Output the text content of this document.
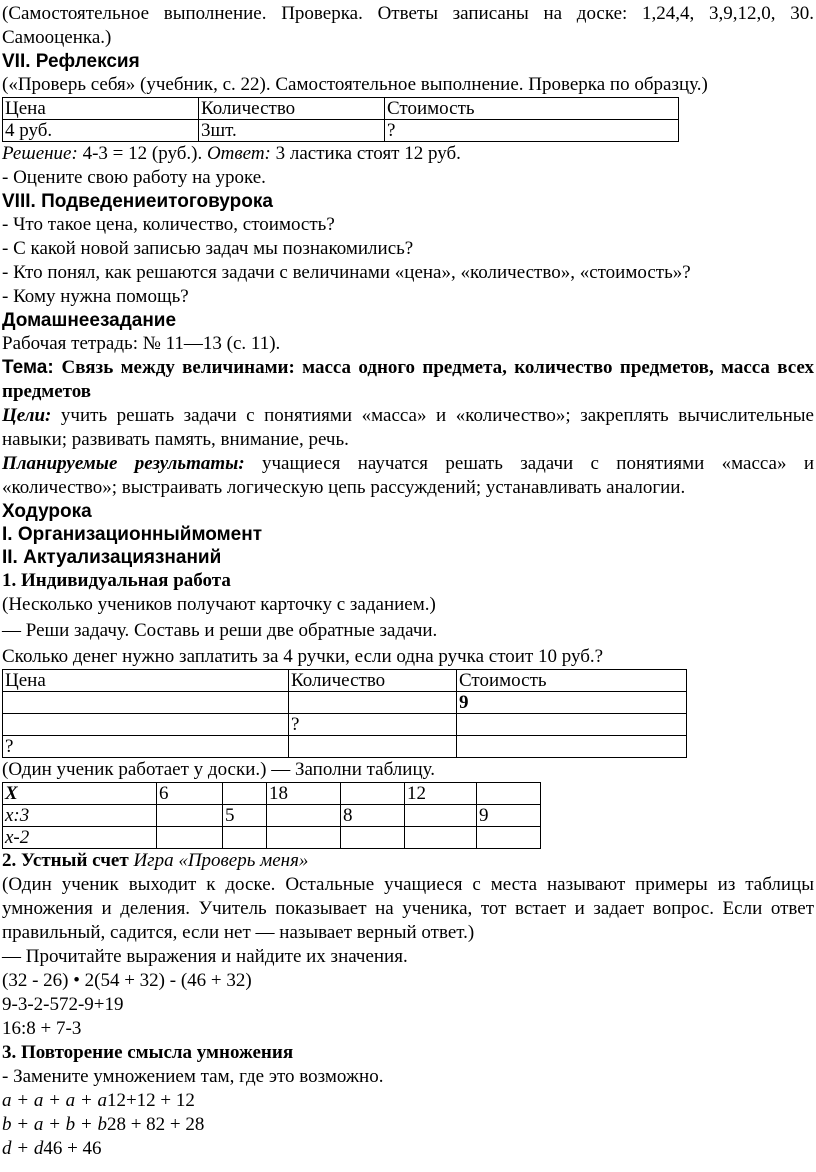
(Самостоятельное выполнение. Проверка. Ответы записаны на доске: 1,24,4, 3,9,12,0, 30. Самооценка.)

VII. Рефлексия

(«Проверь себя» (учебник, с. 22). Самостоятельное выполнение. Проверка по образцу.)

Цена	Количество	Стоимость
4 руб.	3шт.	?

Решение: 4-3 = 12 (руб.). Ответ: 3 ластика стоят 12 руб.

- Оцените свою работу на уроке.

VIII. Подведениеитоговурока

- Что такое цена, количество, стоимость?

- С какой новой записью задач мы познакомились?

- Кто понял, как решаются задачи с величинами «цена», «количество», «стоимость»?

- Кому нужна помощь?

Домашнеезадание

Рабочая тетрадь: № 11—13 (с. 11).

Тема: Связь между величинами: масса одного предмета, количество предметов, масса всех предметов

Цели: учить решать задачи с понятиями «масса» и «количество»; закреплять вычислительные навыки; развивать память, внимание, речь.

Планируемые результаты: учащиеся научатся решать задачи с понятиями «масса» и «количество»; выстраивать логическую цепь рассуждений; устанавливать аналогии.

Ходурока

I. Организационныймомент

II. Актуализациязнаний

1. Индивидуальная работа

(Несколько учеников получают карточку с заданием.)

— Реши задачу. Составь и реши две обратные задачи.

Сколько денег нужно заплатить за 4 ручки, если одна ручка стоит 10 руб.?

Цена	Количество	Стоимость
		9
	?	
?		

(Один ученик работает у доски.) — Заполни таблицу.

X	6		18		12	
x:3		5		8		9
x-2						

2. Устный счет Игра «Проверь меня»

(Один ученик выходит к доске. Остальные учащиеся с места называют примеры из таблицы умножения и деления. Учитель показывает на ученика, тот встает и задает вопрос. Если ответ правильный, садится, если нет — называет верный ответ.)

— Прочитайте выражения и найдите их значения.

(32 - 26) • 2(54 + 32) - (46 + 32)

9-3-2-572-9+19

16:8 + 7-3

3. Повторение смысла умножения

- Замените умножением там, где это возможно.

a + a + a + a12+12 + 12

b + a + b + b28 + 82 + 28

d + d46 + 46
